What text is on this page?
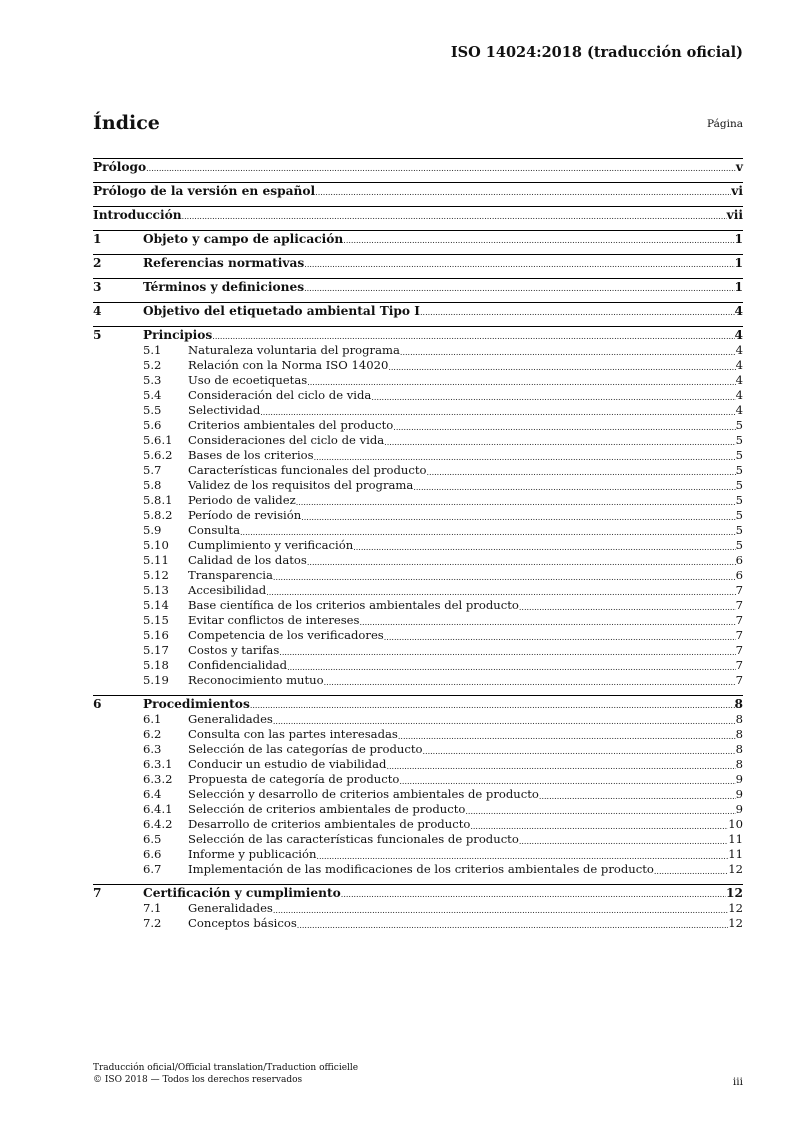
ISO 14024:2018 (traducción oficial)
Índice	Página
Prólogo .....	v
Prólogo de la versión en español .....	vi
Introducción .....	vii
1	Objeto y campo de aplicación .....	1
2	Referencias normativas .....	1
3	Términos y definiciones .....	1
4	Objetivo del etiquetado ambiental Tipo I .....	4
5	Principios .....	4
5.1	Naturaleza voluntaria del programa .....	4
5.2	Relación con la Norma ISO 14020 .....	4
5.3	Uso de ecoetiquetas .....	4
5.4	Consideración del ciclo de vida .....	4
5.5	Selectividad .....	4
5.6	Criterios ambientales del producto .....	5
5.6.1	Consideraciones del ciclo de vida .....	5
5.6.2	Bases de los criterios .....	5
5.7	Características funcionales del producto .....	5
5.8	Validez de los requisitos del programa .....	5
5.8.1	Periodo de validez .....	5
5.8.2	Período de revisión .....	5
5.9	Consulta .....	5
5.10	Cumplimiento y verificación .....	5
5.11	Calidad de los datos .....	6
5.12	Transparencia .....	6
5.13	Accesibilidad .....	7
5.14	Base científica de los criterios ambientales del producto .....	7
5.15	Evitar conflictos de intereses .....	7
5.16	Competencia de los verificadores .....	7
5.17	Costos y tarifas .....	7
5.18	Confidencialidad .....	7
5.19	Reconocimiento mutuo .....	7
6	Procedimientos .....	8
6.1	Generalidades .....	8
6.2	Consulta con las partes interesadas .....	8
6.3	Selección de las categorías de producto .....	8
6.3.1	Conducir un estudio de viabilidad .....	8
6.3.2	Propuesta de categoría de producto .....	9
6.4	Selección y desarrollo de criterios ambientales de producto .....	9
6.4.1	Selección de criterios ambientales de producto .....	9
6.4.2	Desarrollo de criterios ambientales de producto .....	10
6.5	Selección de las características funcionales de producto .....	11
6.6	Informe y publicación .....	11
6.7	Implementación de las modificaciones de los criterios ambientales de producto .....	12
7	Certificación y cumplimiento .....	12
7.1	Generalidades .....	12
7.2	Conceptos básicos .....	12
Traducción oficial/Official translation/Traduction officielle
© ISO 2018 — Todos los derechos reservados	iii
